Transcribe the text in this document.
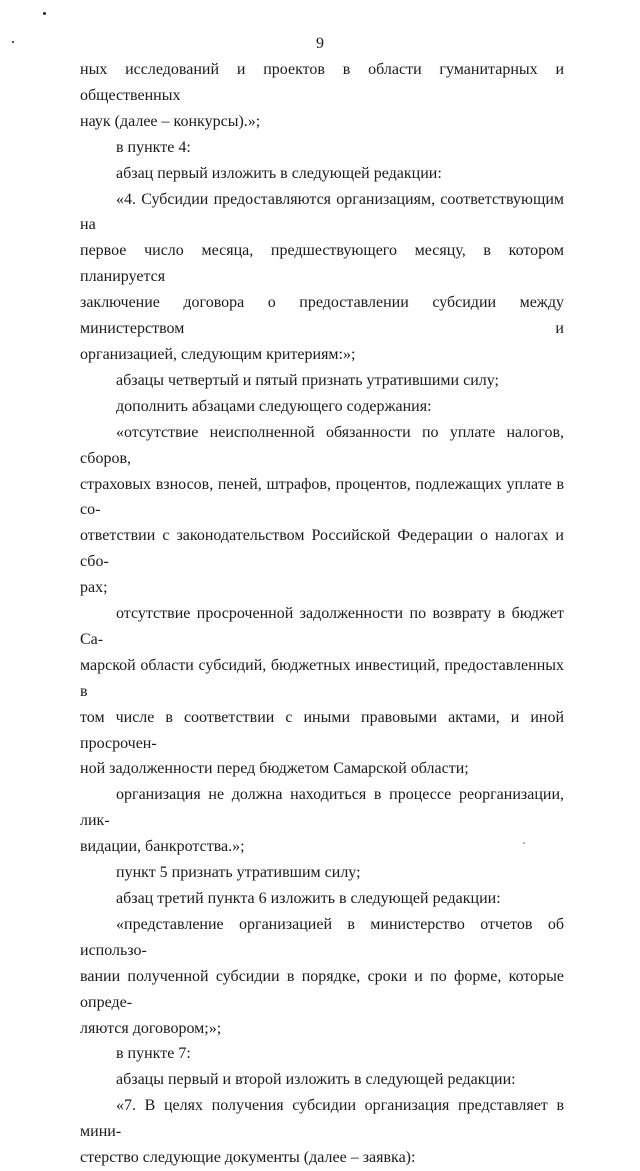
9
ных исследований и проектов в области гуманитарных и общественных
наук (далее – конкурсы).»;
в пункте 4:
абзац первый изложить в следующей редакции:
«4. Субсидии предоставляются организациям, соответствующим на
первое число месяца, предшествующего месяцу, в котором планируется
заключение договора о предоставлении субсидии между министерством и
организацией, следующим критериям:»;
абзацы четвертый и пятый признать утратившими силу;
дополнить абзацами следующего содержания:
«отсутствие неисполненной обязанности по уплате налогов, сборов,
страховых взносов, пеней, штрафов, процентов, подлежащих уплате в со-
ответствии с законодательством Российской Федерации о налогах и сбо-
рах;
отсутствие просроченной задолженности по возврату в бюджет Са-
марской области субсидий, бюджетных инвестиций, предоставленных в
том числе в соответствии с иными правовыми актами, и иной просрочен-
ной задолженности перед бюджетом Самарской области;
организация не должна находиться в процессе реорганизации, лик-
видации, банкротства.»;
пункт 5 признать утратившим силу;
абзац третий пункта 6 изложить в следующей редакции:
«представление организацией в министерство отчетов об использо-
вании полученной субсидии в порядке, сроки и по форме, которые опреде-
ляются договором;»;
в пункте 7:
абзацы первый и второй изложить в следующей редакции:
«7. В целях получения субсидии организация представляет в мини-
стерство следующие документы (далее – заявка):
